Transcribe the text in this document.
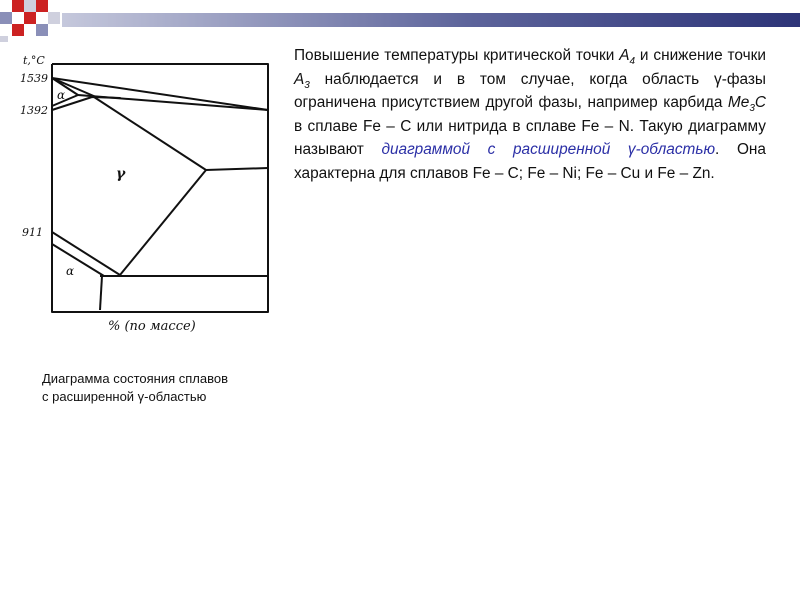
t,°C
1539
1392
911
α
γ
α
% (по массе)
Диаграмма состояния сплавов
с расширенной γ-областью
Повышение температуры критической точки $А_4$ и снижение точки $А_3$ наблюдается и в том случае, когда область γ-фазы ограничена присутствием другой фазы, например карбида $Me_3C$ в сплаве Fe – C или нитрида в сплаве Fe – N. Такую диаграмму называют диаграммой с расширенной γ-областью. Она характерна для сплавов Fe – C; Fe – Ni; Fe – Cu и Fe – Zn.
